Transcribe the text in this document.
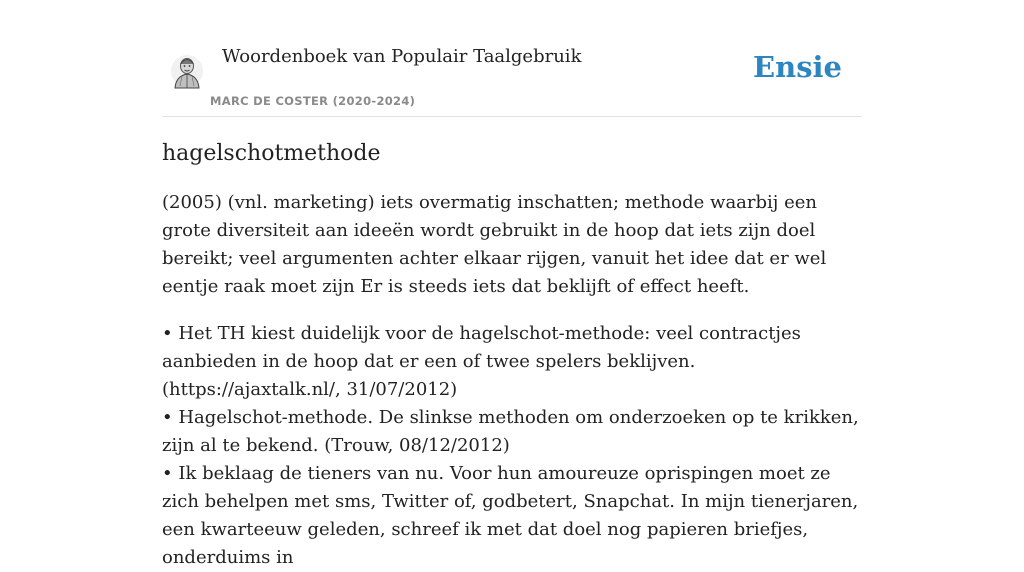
Woordenboek van Populair Taalgebruik
MARC DE COSTER (2020-2024)
Ensie
hagelschotmethode

(2005) (vnl. marketing) iets overmatig inschatten; methode waarbij een grote diversiteit aan ideeën wordt gebruikt in de hoop dat iets zijn doel bereikt; veel argumenten achter elkaar rijgen, vanuit het idee dat er wel eentje raak moet zijn Er is steeds iets dat beklijft of effect heeft.

• Het TH kiest duidelijk voor de hagelschot-methode: veel contractjes aanbieden in de hoop dat er een of twee spelers beklijven. (https://ajaxtalk.nl/, 31/07/2012)
• Hagelschot-methode. De slinkse methoden om onderzoeken op te krikken, zijn al te bekend. (Trouw, 08/12/2012)
• Ik beklaag de tieners van nu. Voor hun amoureuze oprispingen moet ze zich behelpen met sms, Twitter of, godbetert, Snapchat. In mijn tienerjaren, een kwarteeuw geleden, schreef ik met dat doel nog papieren briefjes, onderduims in
